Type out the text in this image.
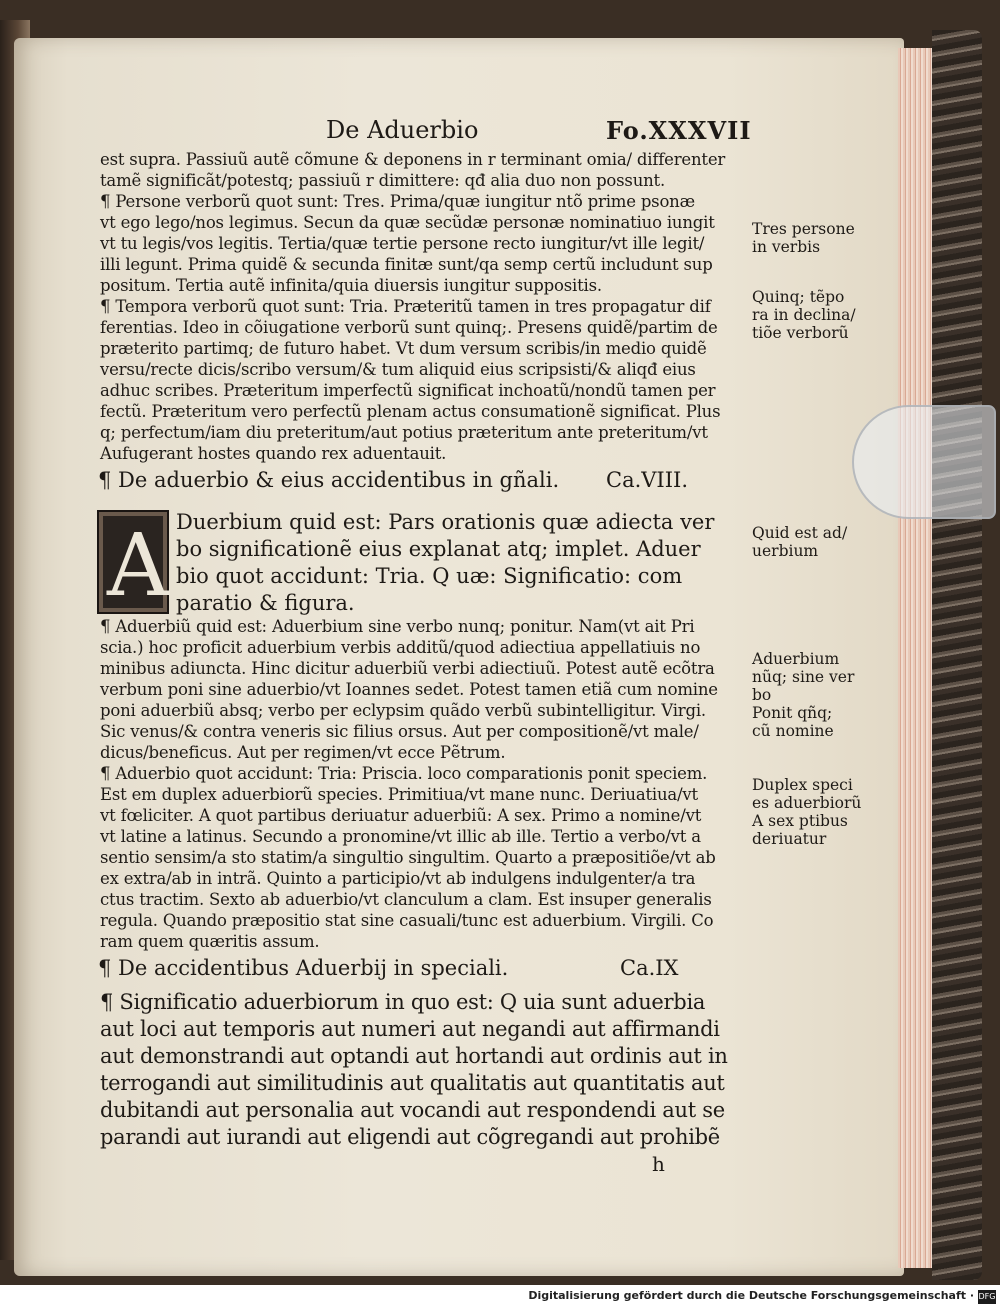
De Aduerbio	Fo.XXXVII
est supra. Passiuũ autẽ cõmune & deponens in r terminant omia/ differenter
tamẽ significãt/potestq; passiuũ r dimittere: qđ alia duo non possunt.
¶ Persone verborũ quot sunt: Tres. Prima/quæ iungitur ntõ prime psonæ
vt ego lego/nos legimus. Secun da quæ secũdæ personæ nominatiuo iungit
vt tu legis/vos legitis. Tertia/quæ tertie persone recto iungitur/vt ille legit/
illi legunt. Prima quidẽ & secunda finitæ sunt/qa semp certũ includunt sup
positum. Tertia autẽ infinita/quia diuersis iungitur suppositis.
¶ Tempora verborũ quot sunt: Tria. Præteritũ tamen in tres propagatur dif
ferentias. Ideo in cõiugatione verborũ sunt quinq;. Presens quidẽ/partim de
præterito partimq; de futuro habet. Vt dum versum scribis/in medio quidẽ
versu/recte dicis/scribo versum/& tum aliquid eius scripsisti/& aliqđ eius
adhuc scribes. Præteritum imperfectũ significat inchoatũ/nondũ tamen per
fectũ. Præteritum vero perfectũ plenam actus consumationẽ significat. Plus
q; perfectum/iam diu preteritum/aut potius præteritum ante preteritum/vt
Aufugerant hostes quando rex aduentauit.
¶ De aduerbio & eius accidentibus in gñali. Ca.VIII.
A Duerbium quid est: Pars orationis quæ adiecta ver
bo significationẽ eius explanat atq; implet. Aduer
bio quot accidunt: Tria. Q uæ: Significatio: com
paratio & figura.
¶ Aduerbiũ quid est: Aduerbium sine verbo nunq; ponitur. Nam(vt ait Pri
scia.) hoc proficit aduerbium verbis additũ/quod adiectiua appellatiuis no
minibus adiuncta. Hinc dicitur aduerbiũ verbi adiectiuũ. Potest autẽ ecõtra
verbum poni sine aduerbio/vt Ioannes sedet. Potest tamen etiã cum nomine
poni aduerbiũ absq; verbo per eclypsim quãdo verbũ subintelligitur. Virgi.
Sic venus/& contra veneris sic filius orsus. Aut per compositionẽ/vt male/
dicus/beneficus. Aut per regimen/vt ecce Pẽtrum.
¶ Aduerbio quot accidunt: Tria: Priscia. loco comparationis ponit speciem.
Est em duplex aduerbiorũ species. Primitiua/vt mane nunc. Deriuatiua/vt
vt fœliciter. A quot partibus deriuatur aduerbiũ: A sex. Primo a nomine/vt
vt latine a latinus. Secundo a pronomine/vt illic ab ille. Tertio a verbo/vt a
sentio sensim/a sto statim/a singultio singultim. Quarto a præpositiõe/vt ab
ex extra/ab in intrã. Quinto a participio/vt ab indulgens indulgenter/a tra
ctus tractim. Sexto ab aduerbio/vt clanculum a clam. Est insuper generalis
regula. Quando præpositio stat sine casuali/tunc est aduerbium. Virgili. Co
ram quem quæritis assum.
¶ De accidentibus Aduerbij in speciali.	Ca.IX
¶ Significatio aduerbiorum in quo est: Q uia sunt aduerbia
aut loci aut temporis aut numeri aut negandi aut affirmandi
aut demonstrandi aut optandi aut hortandi aut ordinis aut in
terrogandi aut similitudinis aut qualitatis aut quantitatis aut
dubitandi aut personalia aut vocandi aut respondendi aut se
parandi aut iurandi aut eligendi aut cõgregandi aut prohibẽ
h
Tres persone
in verbis
Quinq; tẽpo
ra in declina/
tiõe verborũ
Quid est ad/
uerbium
Aduerbium
nũq; sine ver
bo
Ponit qñq;
cũ nomine
Duplex speci
es aduerbiorũ
A sex ptibus
deriuatur
Digitalisierung gefördert durch die Deutsche Forschungsgemeinschaft · DFG
